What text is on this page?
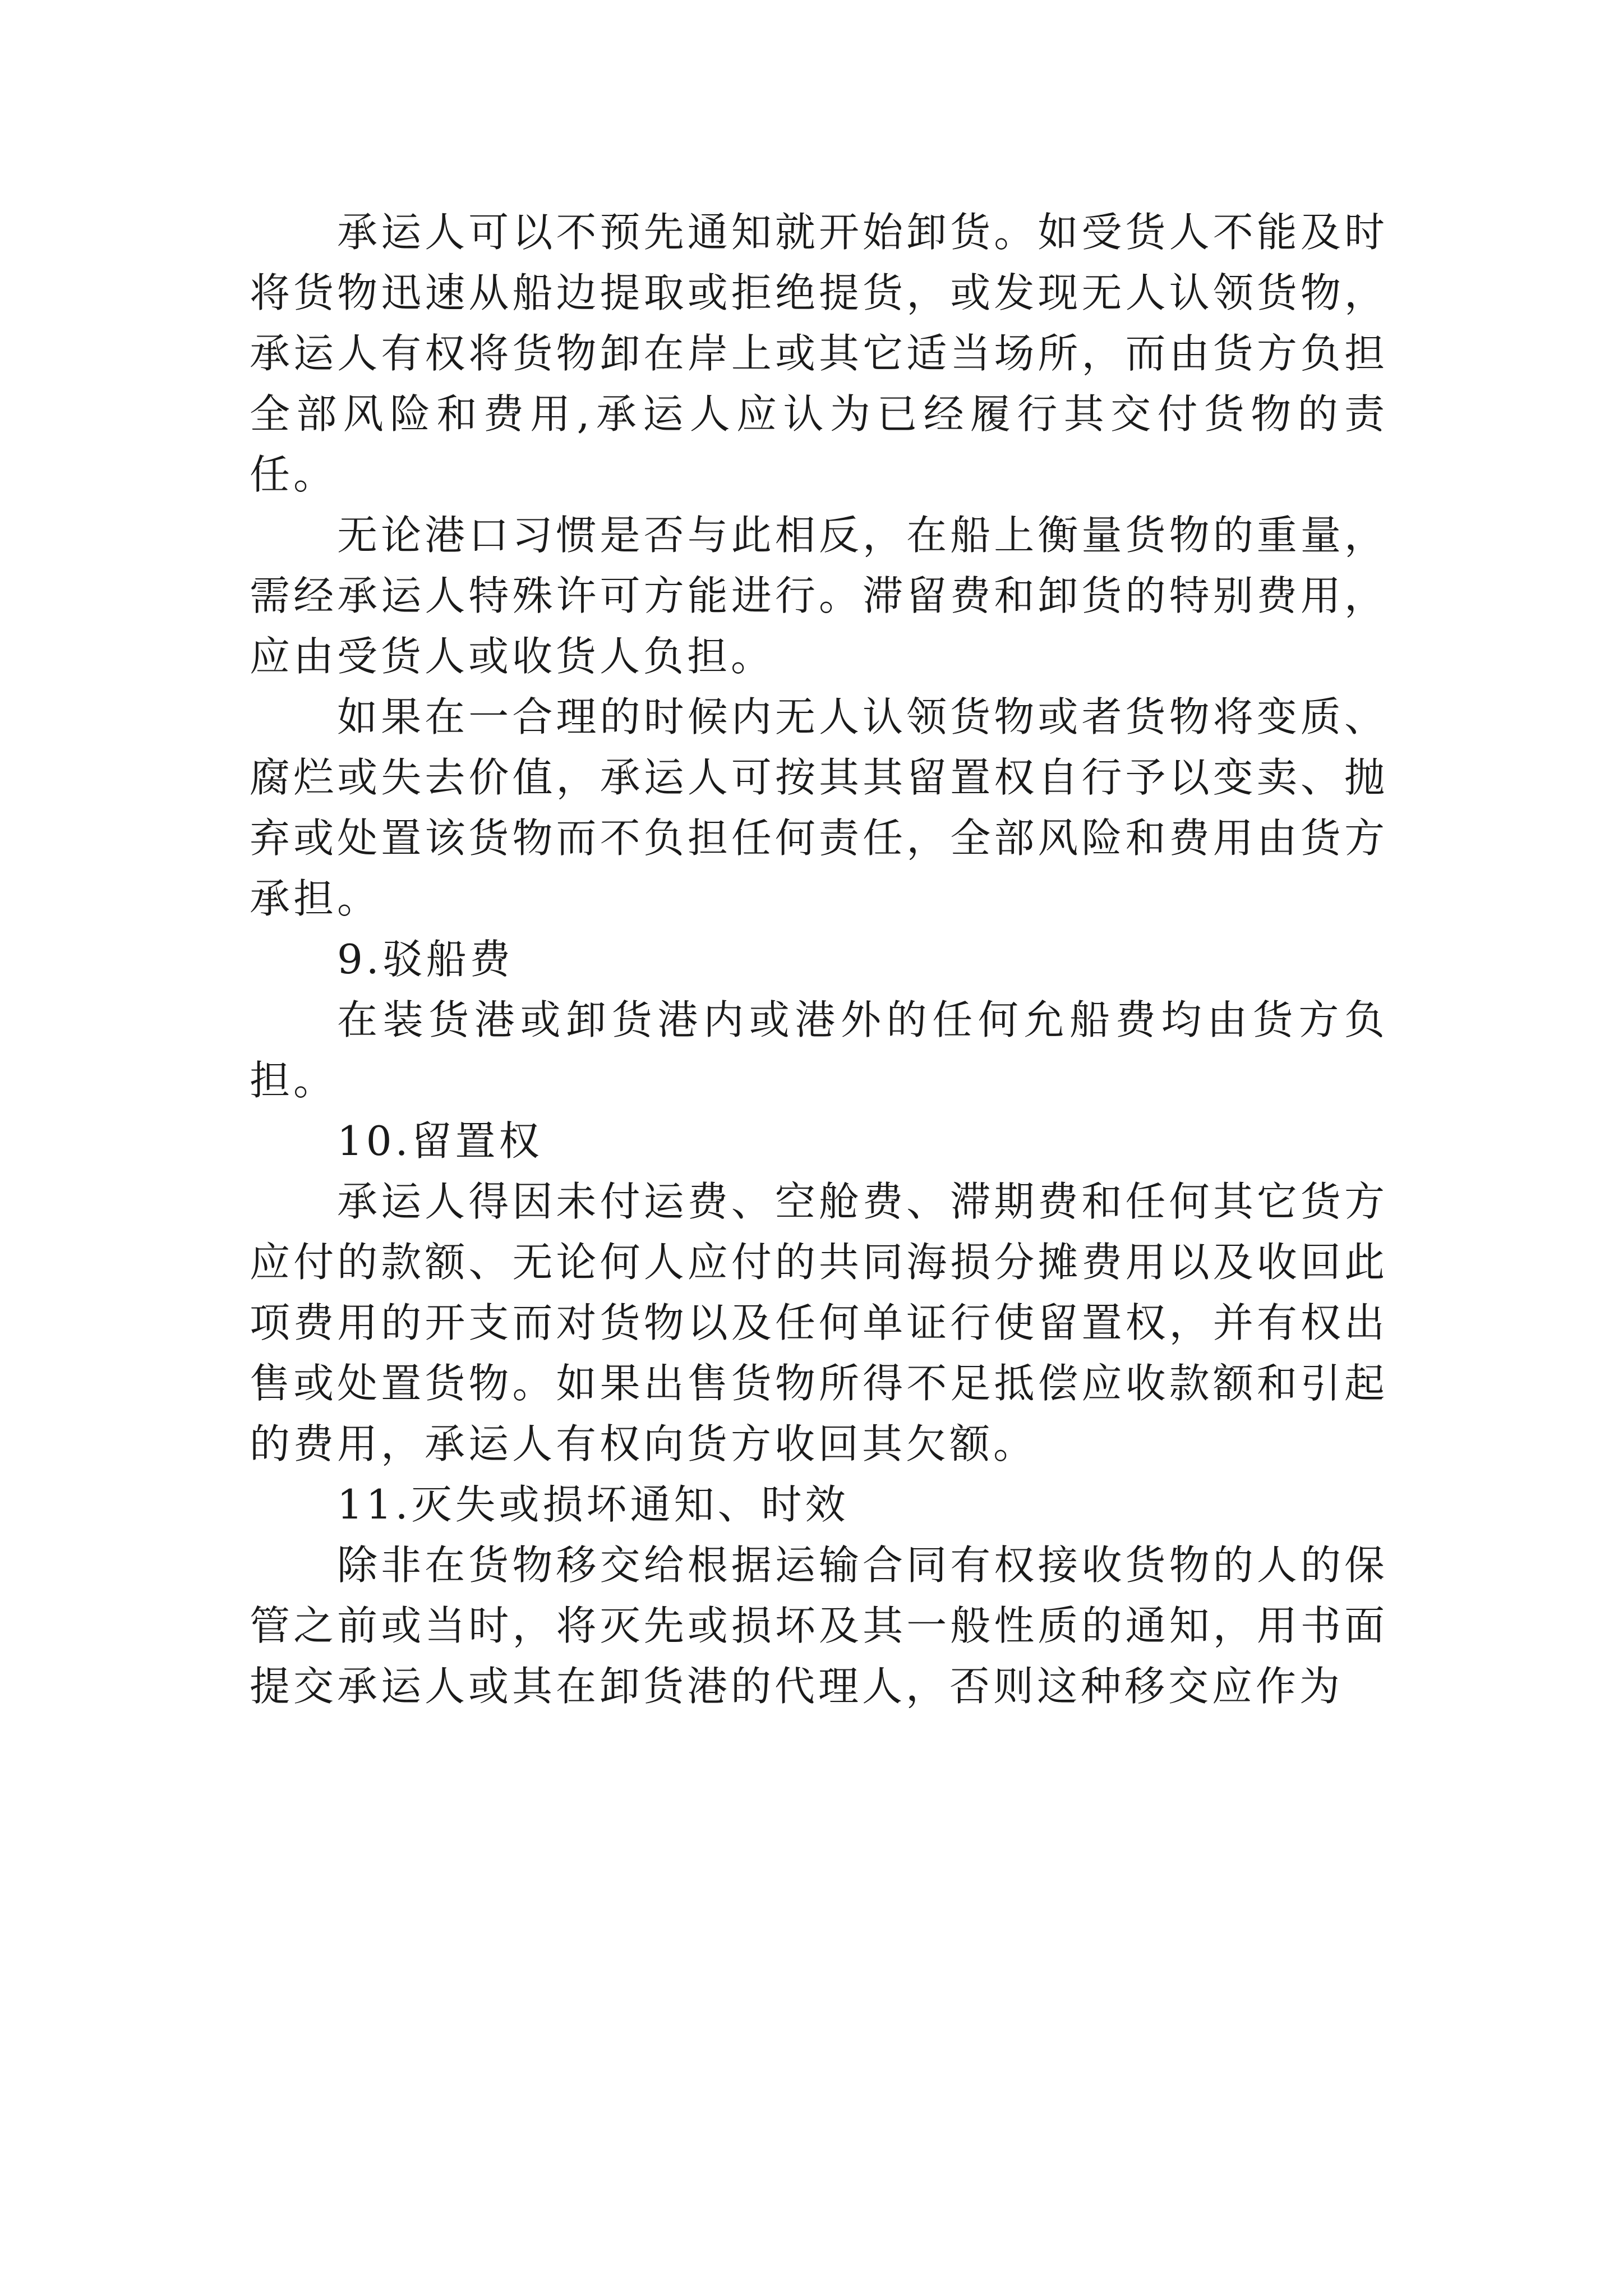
承运人可以不预先通知就开始卸货。如受货人不能及时将货物迅速从船边提取或拒绝提货，或发现无人认领货物，承运人有权将货物卸在岸上或其它适当场所，而由货方负担全部风险和费用,承运人应认为已经履行其交付货物的责任。

无论港口习惯是否与此相反，在船上衡量货物的重量，需经承运人特殊许可方能进行。滞留费和卸货的特别费用，应由受货人或收货人负担。

如果在一合理的时候内无人认领货物或者货物将变质、腐烂或失去价值，承运人可按其其留置权自行予以变卖、抛弃或处置该货物而不负担任何责任，全部风险和费用由货方承担。

9.驳船费

在装货港或卸货港内或港外的任何允船费均由货方负担。

10.留置权

承运人得因未付运费、空舱费、滞期费和任何其它货方应付的款额、无论何人应付的共同海损分摊费用以及收回此项费用的开支而对货物以及任何单证行使留置权，并有权出售或处置货物。如果出售货物所得不足抵偿应收款额和引起的费用，承运人有权向货方收回其欠额。

11.灭失或损坏通知、时效

除非在货物移交给根据运输合同有权接收货物的人的保管之前或当时，将灭先或损坏及其一般性质的通知，用书面提交承运人或其在卸货港的代理人，否则这种移交应作为
